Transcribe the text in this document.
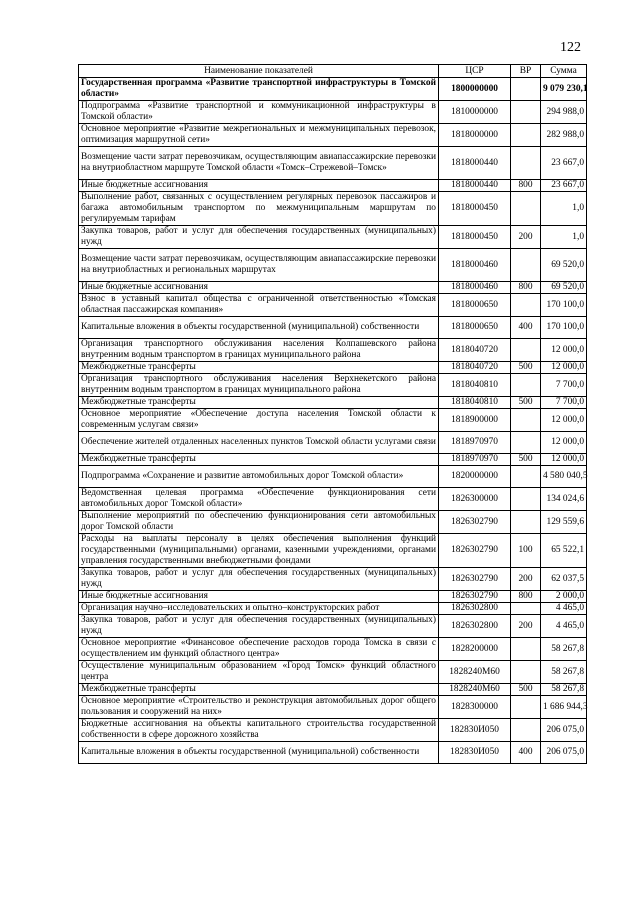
122
Наименование показателей	ЦСР	ВР	Сумма
Государственная программа «Развитие транспортной инфраструктуры в Томской области»	1800000000		9 079 230,1
Подпрограмма «Развитие транспортной и коммуникационной инфраструктуры в Томской области»	1810000000		294 988,0
Основное мероприятие «Развитие межрегиональных и межмуниципальных перевозок, оптимизация маршрутной сети»	1818000000		282 988,0
Возмещение части затрат перевозчикам, осуществляющим авиапассажирские перевозки на внутриобластном маршруте Томской области «Томск–Стрежевой–Томск»	1818000440		23 667,0
Иные бюджетные ассигнования	1818000440	800	23 667,0
Выполнение работ, связанных с осуществлением регулярных перевозок пассажиров и багажа автомобильным транспортом по межмуниципальным маршрутам по регулируемым тарифам	1818000450		1,0
Закупка товаров, работ и услуг для обеспечения государственных (муниципальных) нужд	1818000450	200	1,0
Возмещение части затрат перевозчикам, осуществляющим авиапассажирские перевозки на внутриобластных и региональных маршрутах	1818000460		69 520,0
Иные бюджетные ассигнования	1818000460	800	69 520,0
Взнос в уставный капитал общества с ограниченной ответственностью «Томская областная пассажирская компания»	1818000650		170 100,0
Капитальные вложения в объекты государственной (муниципальной) собственности	1818000650	400	170 100,0
Организация транспортного обслуживания населения Колпашевского района внутренним водным транспортом в границах муниципального района	1818040720		12 000,0
Межбюджетные трансферты	1818040720	500	12 000,0
Организация транспортного обслуживания населения Верхнекетского района внутренним водным транспортом в границах муниципального района	1818040810		7 700,0
Межбюджетные трансферты	1818040810	500	7 700,0
Основное мероприятие «Обеспечение доступа населения Томской области к современным услугам связи»	1818900000		12 000,0
Обеспечение жителей отдаленных населенных пунктов Томской области услугами связи	1818970970		12 000,0
Межбюджетные трансферты	1818970970	500	12 000,0
Подпрограмма «Сохранение и развитие автомобильных дорог Томской области»	1820000000		4 580 040,5
Ведомственная целевая программа «Обеспечение функционирования сети автомобильных дорог Томской области»	1826300000		134 024,6
Выполнение мероприятий по обеспечению функционирования сети автомобильных дорог Томской области	1826302790		129 559,6
Расходы на выплаты персоналу в целях обеспечения выполнения функций государственными (муниципальными) органами, казенными учреждениями, органами управления государственными внебюджетными фондами	1826302790	100	65 522,1
Закупка товаров, работ и услуг для обеспечения государственных (муниципальных) нужд	1826302790	200	62 037,5
Иные бюджетные ассигнования	1826302790	800	2 000,0
Организация научно–исследовательских и опытно–конструкторских работ	1826302800		4 465,0
Закупка товаров, работ и услуг для обеспечения государственных (муниципальных) нужд	1826302800	200	4 465,0
Основное мероприятие «Финансовое обеспечение расходов города Томска в связи с осуществлением им функций областного центра»	1828200000		58 267,8
Осуществление муниципальным образованием «Город Томск» функций областного центра	1828240М60		58 267,8
Межбюджетные трансферты	1828240М60	500	58 267,8
Основное мероприятие «Строительство и реконструкция автомобильных дорог общего пользования и сооружений на них»	1828300000		1 686 944,3
Бюджетные ассигнования на объекты капитального строительства государственной собственности в сфере дорожного хозяйства	182830И050		206 075,0
Капитальные вложения в объекты государственной (муниципальной) собственности	182830И050	400	206 075,0
